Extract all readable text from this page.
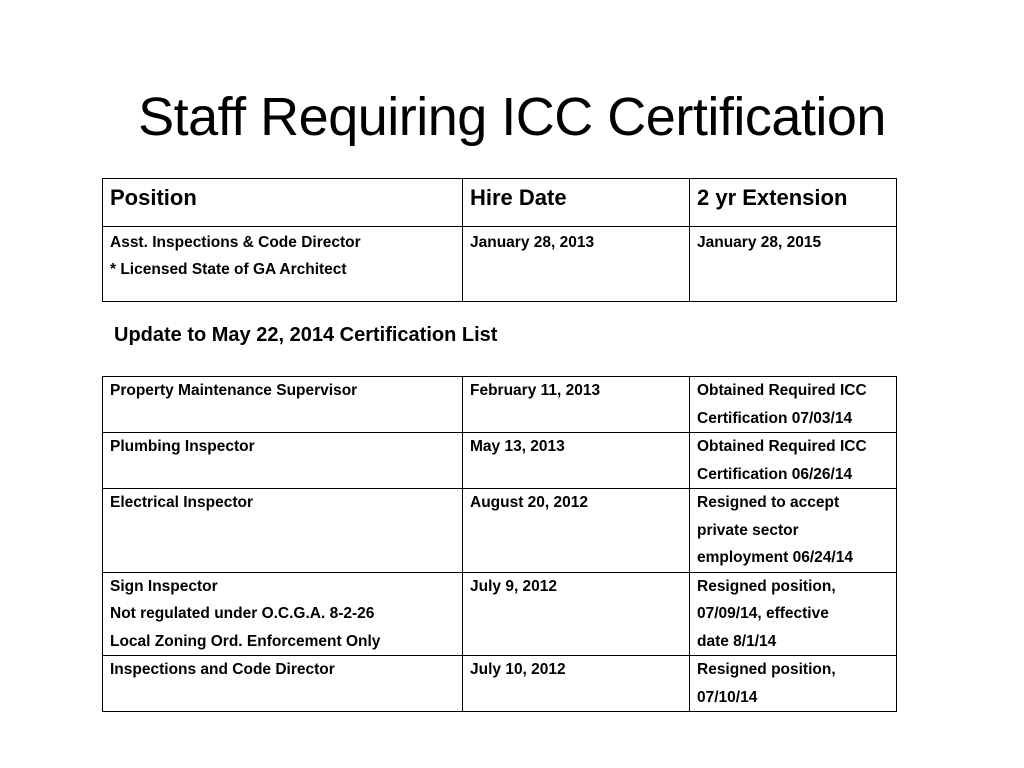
Staff Requiring ICC Certification
Position	Hire Date	2 yr Extension

Asst. Inspections & Code Director
* Licensed State of GA Architect	January 28, 2013	January 28, 2015
Update to May 22, 2014 Certification List
Property Maintenance Supervisor	February 11, 2013	Obtained Required ICC
Certification 07/03/14

Plumbing Inspector	May 13, 2013	Obtained Required ICC
Certification 06/26/14

Electrical Inspector	August 20, 2012	Resigned to accept
private sector
employment 06/24/14

Sign Inspector
Not regulated under O.C.G.A. 8-2-26
Local Zoning Ord. Enforcement Only	July 9, 2012	Resigned position,
07/09/14, effective
date 8/1/14

Inspections and Code Director	July 10, 2012	Resigned position,
07/10/14
